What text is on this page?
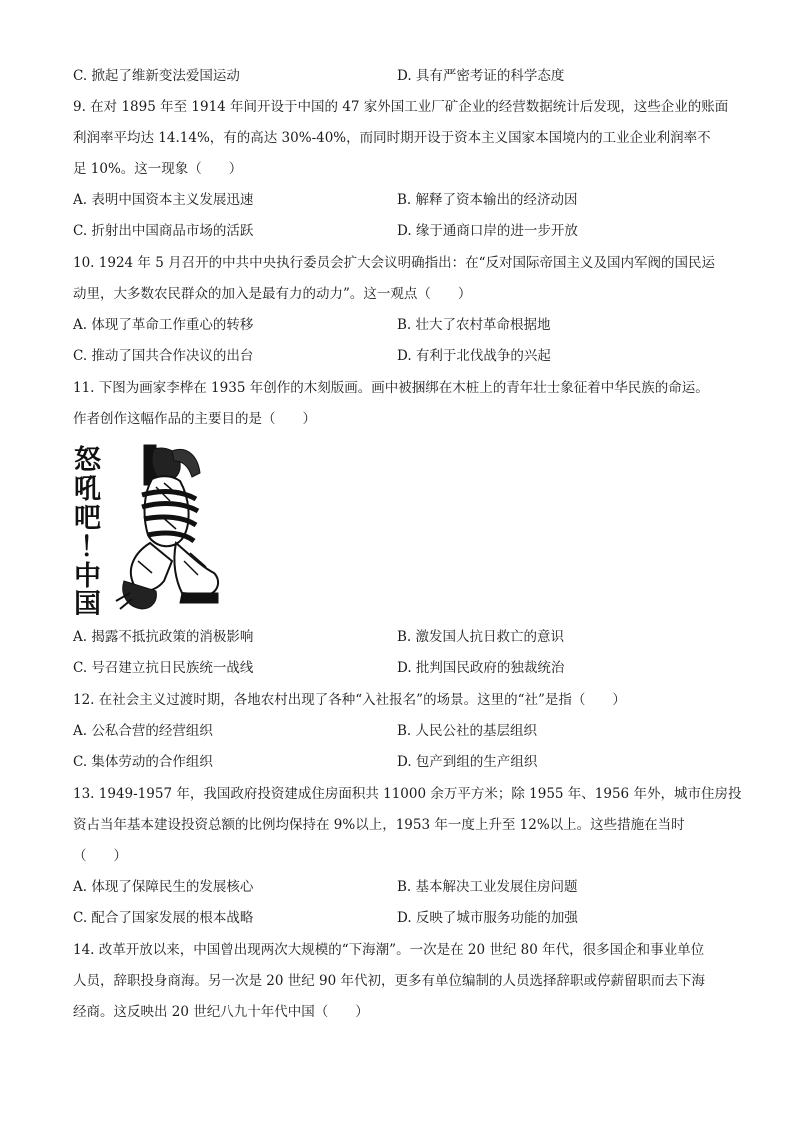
C. 掀起了维新变法爱国运动	D. 具有严密考证的科学态度
9. 在对 1895 年至 1914 年间开设于中国的 47 家外国工业厂矿企业的经营数据统计后发现，这些企业的账面
利润率平均达 14.14%，有的高达 30%-40%，而同时期开设于资本主义国家本国境内的工业企业利润率不
足 10%。这一现象（　　）
A. 表明中国资本主义发展迅速	B. 解释了资本输出的经济动因
C. 折射出中国商品市场的活跃	D. 缘于通商口岸的进一步开放
10. 1924 年 5 月召开的中共中央执行委员会扩大会议明确指出：在“反对国际帝国主义及国内军阀的国民运
动里，大多数农民群众的加入是最有力的动力”。这一观点（　　）
A. 体现了革命工作重心的转移	B. 壮大了农村革命根据地
C. 推动了国共合作决议的出台	D. 有利于北伐战争的兴起
11. 下图为画家李桦在 1935 年创作的木刻版画。画中被捆绑在木桩上的青年壮士象征着中华民族的命运。
作者创作这幅作品的主要目的是（　　）
怒
吼
吧
！
中
国
A. 揭露不抵抗政策的消极影响	B. 激发国人抗日救亡的意识
C. 号召建立抗日民族统一战线	D. 批判国民政府的独裁统治
12. 在社会主义过渡时期，各地农村出现了各种“入社报名”的场景。这里的“社”是指（　　）
A. 公私合营的经营组织	B. 人民公社的基层组织
C. 集体劳动的合作组织	D. 包产到组的生产组织
13. 1949-1957 年，我国政府投资建成住房面积共 11000 余万平方米；除 1955 年、1956 年外，城市住房投
资占当年基本建设投资总额的比例均保持在 9%以上，1953 年一度上升至 12%以上。这些措施在当时
（　　）
A. 体现了保障民生的发展核心	B. 基本解决工业发展住房问题
C. 配合了国家发展的根本战略	D. 反映了城市服务功能的加强
14. 改革开放以来，中国曾出现两次大规模的“下海潮”。一次是在 20 世纪 80 年代，很多国企和事业单位
人员，辞职投身商海。另一次是 20 世纪 90 年代初，更多有单位编制的人员选择辞职或停薪留职而去下海
经商。这反映出 20 世纪八九十年代中国（　　）
